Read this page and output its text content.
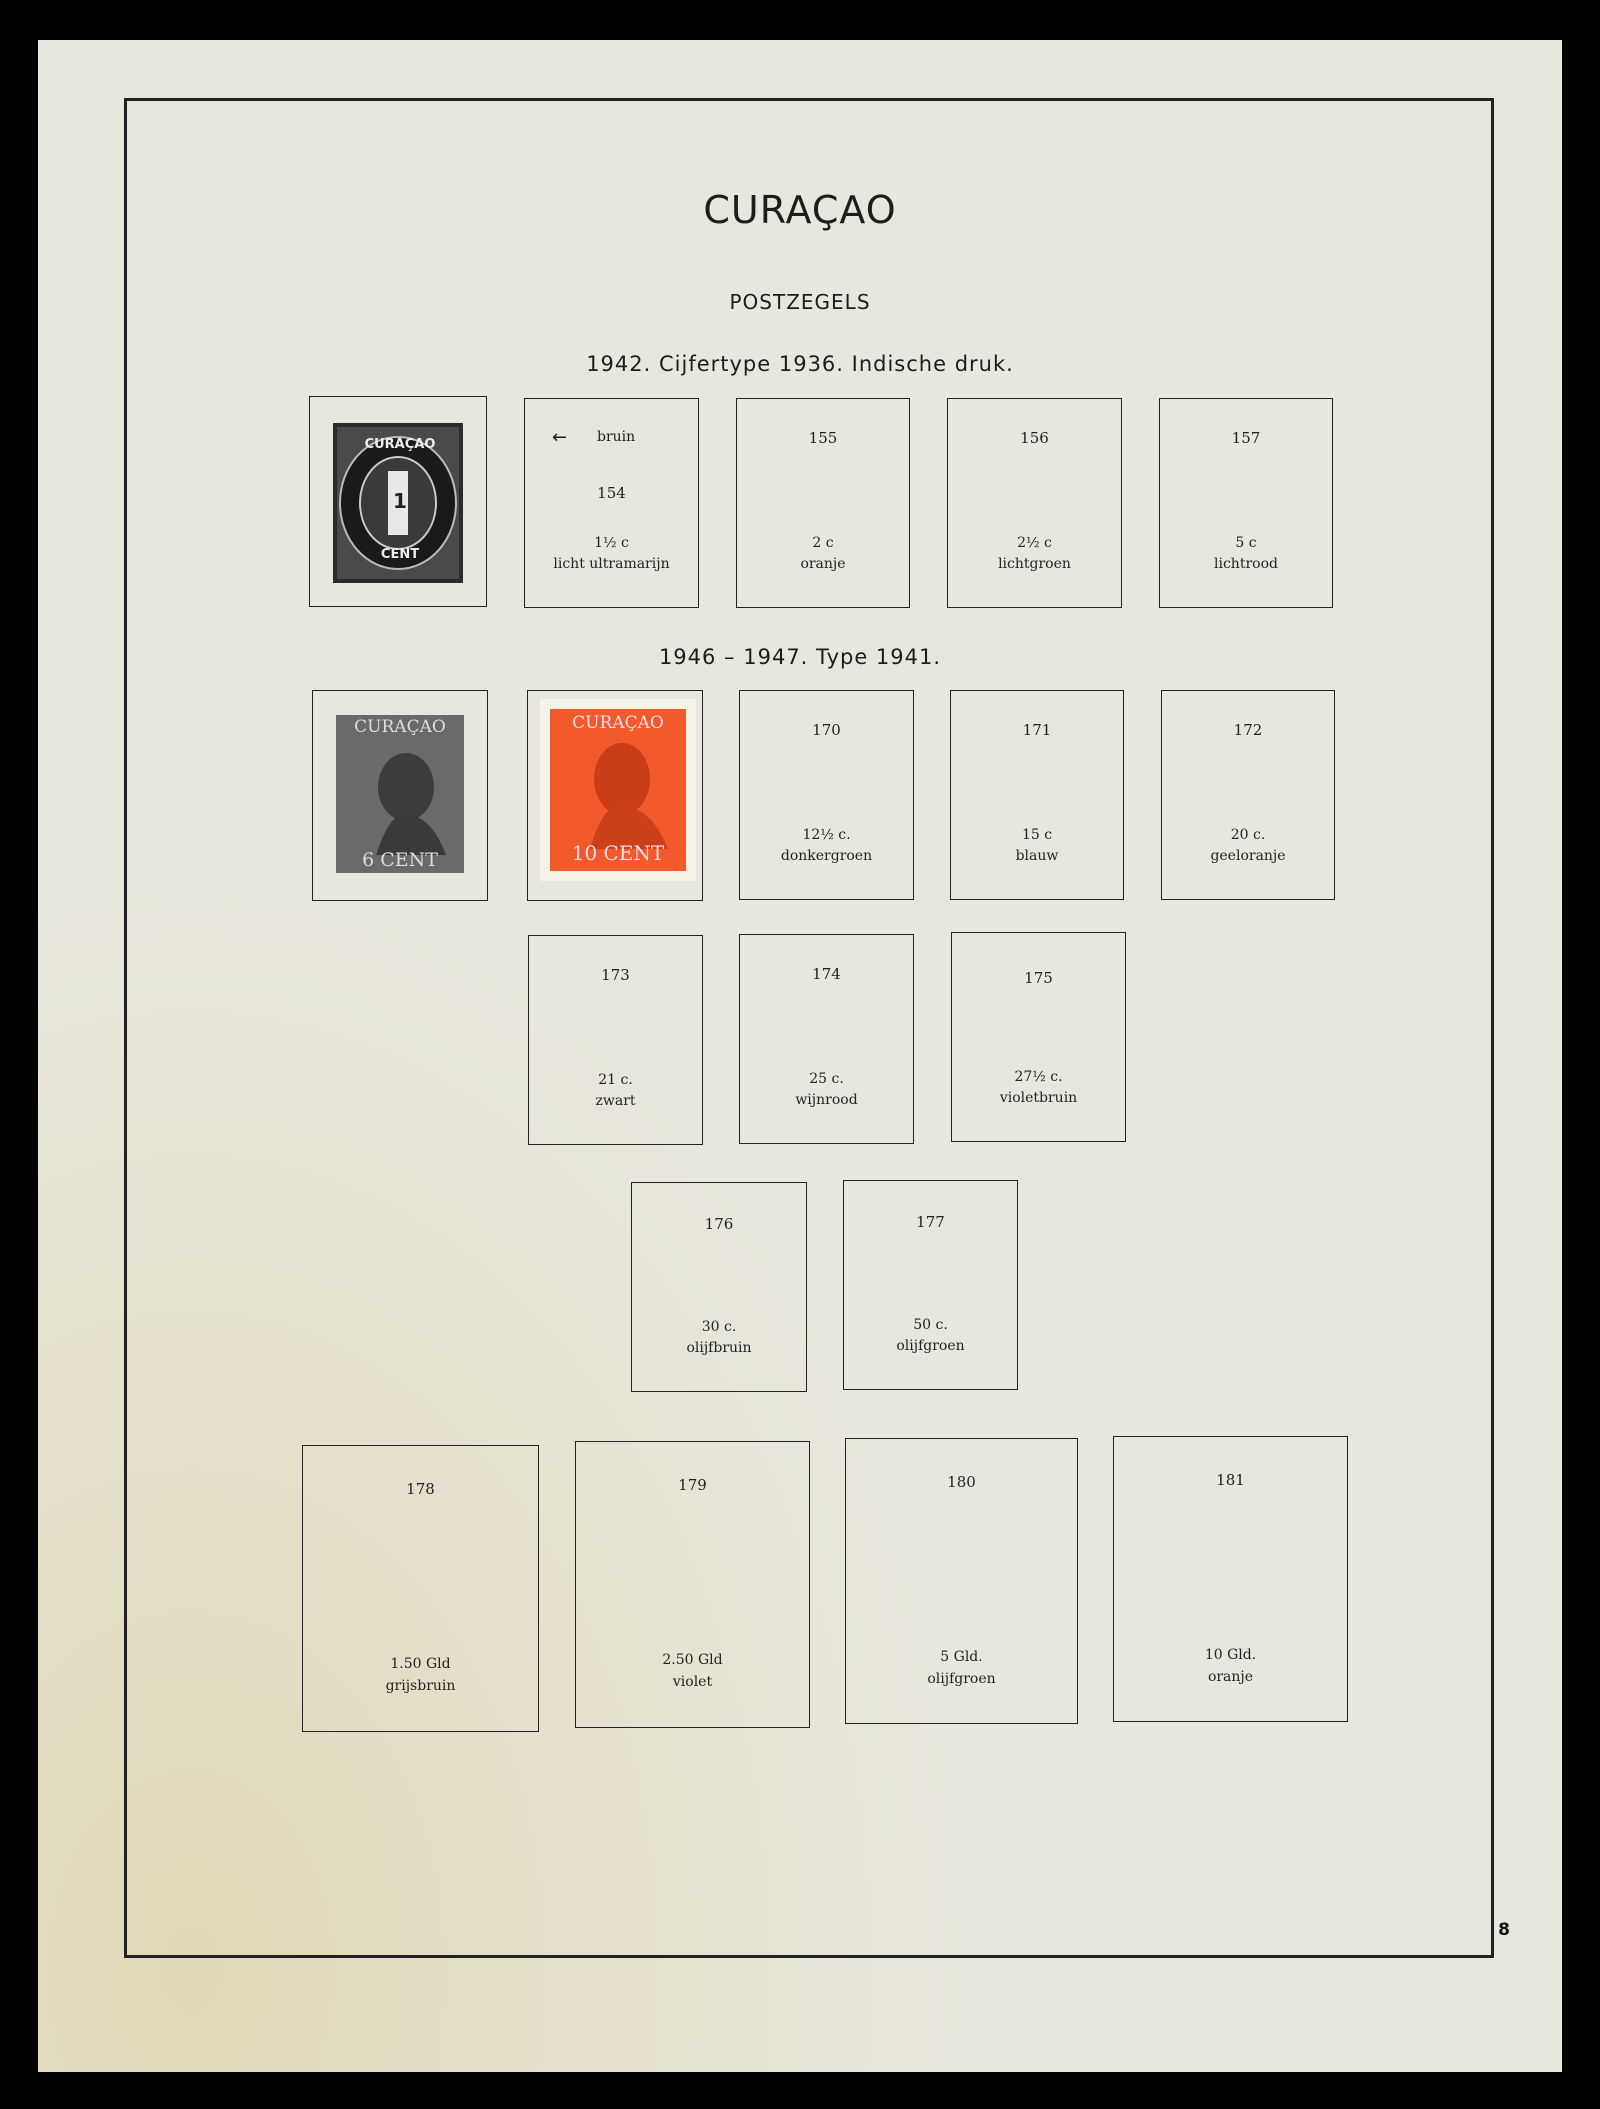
CURAÇAO
POSTZEGELS
1942. Cijfertype 1936. Indische druk.
1946 – 1947. Type 1941.
CURAÇAO
CENT
1
← bruin
154
1½ c
licht ultramarijn
155
2 c
oranje
156
2½ c
lichtgroen
157
5 c
lichtrood
CURAÇAO
6 CENT
CURAÇAO
10 CENT
170
12½ c.
donkergroen
171
15 c
blauw
172
20 c.
geeloranje
173
21 c.
zwart
174
25 c.
wijnrood
175
27½ c.
violetbruin
176
30 c.
olijfbruin
177
50 c.
olijfgroen
178
1.50 Gld
grijsbruin
179
2.50 Gld
violet
180
5 Gld.
olijfgroen
181
10 Gld.
oranje
8
